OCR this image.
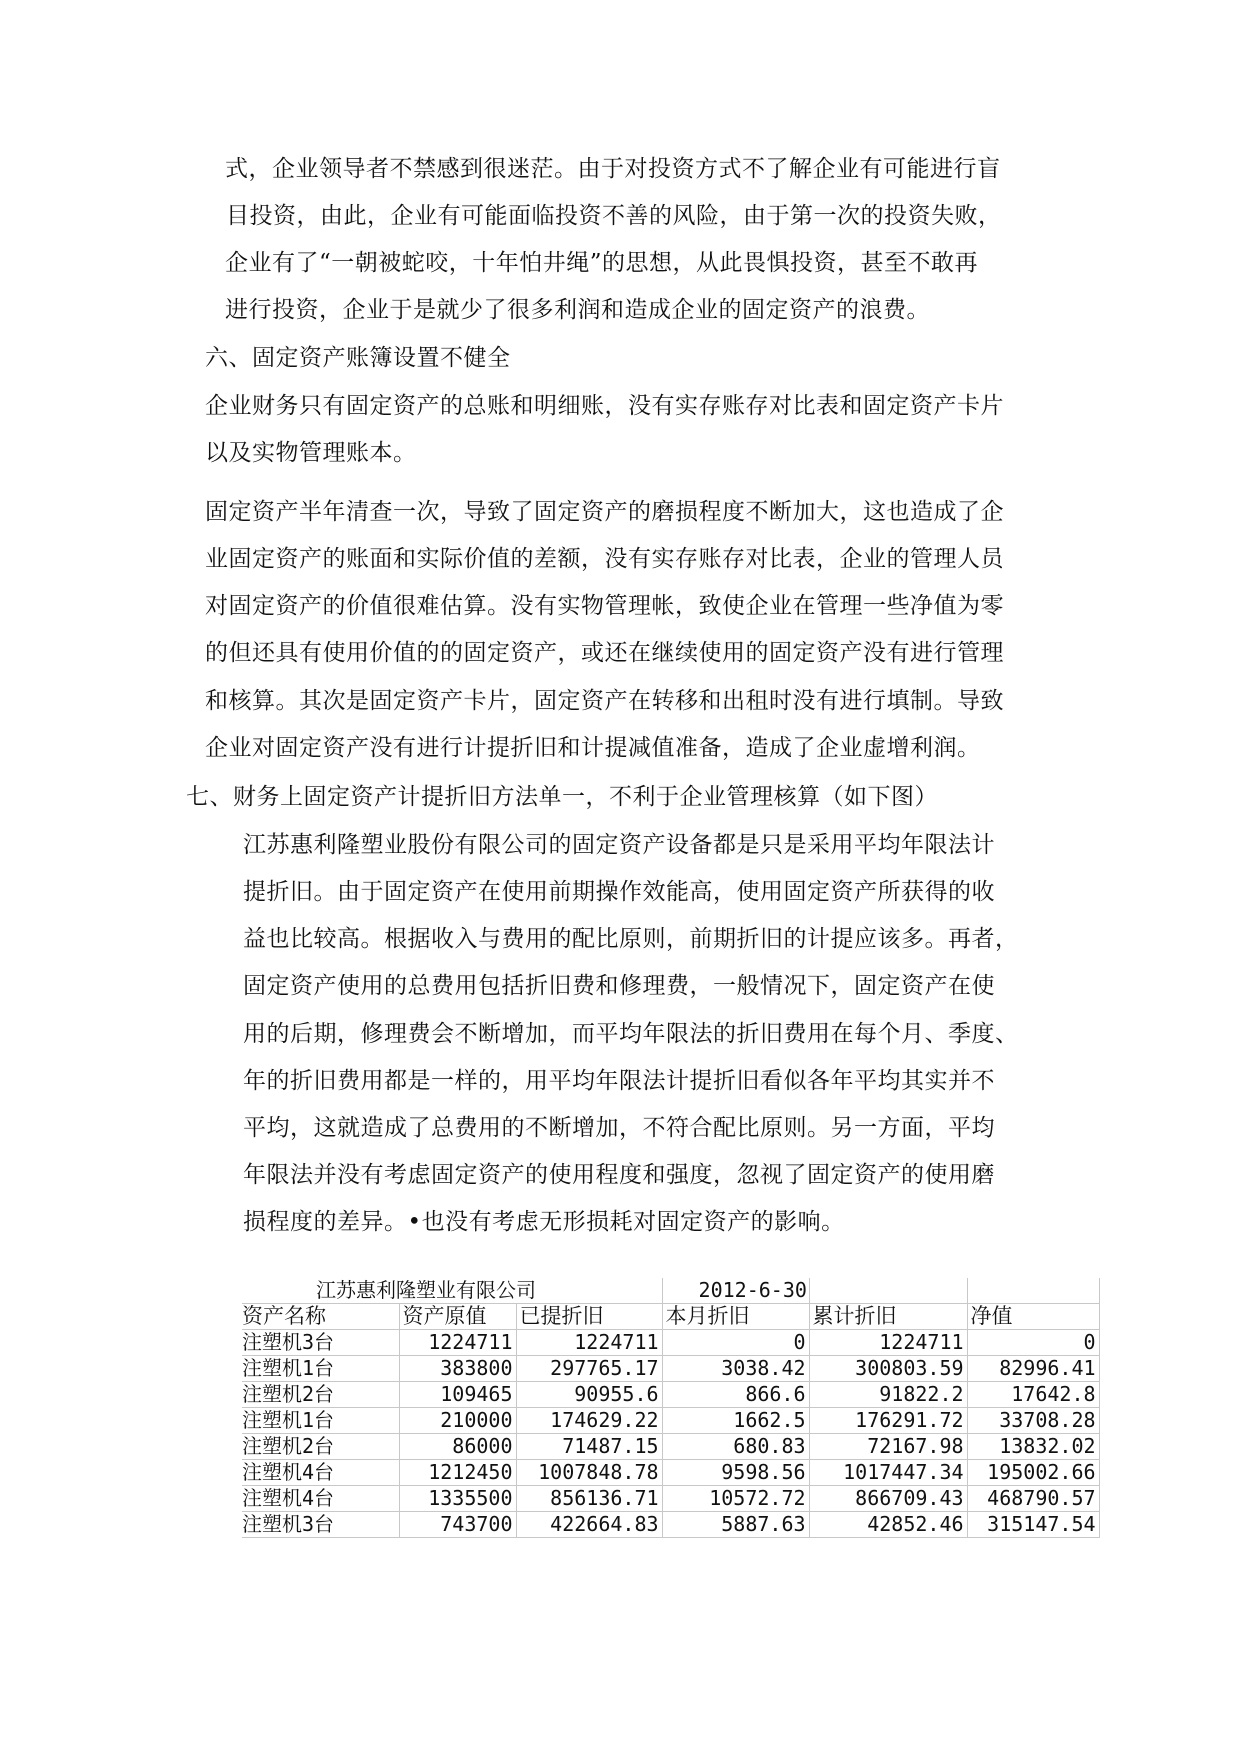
式，企业领导者不禁感到很迷茫。由于对投资方式不了解企业有可能进行盲
目投资，由此，企业有可能面临投资不善的风险，由于第一次的投资失败，
企业有了“一朝被蛇咬，十年怕井绳”的思想，从此畏惧投资，甚至不敢再
进行投资，企业于是就少了很多利润和造成企业的固定资产的浪费。
六、固定资产账簿设置不健全
企业财务只有固定资产的总账和明细账，没有实存账存对比表和固定资产卡片
以及实物管理账本。
固定资产半年清查一次，导致了固定资产的磨损程度不断加大，这也造成了企
业固定资产的账面和实际价值的差额，没有实存账存对比表，企业的管理人员
对固定资产的价值很难估算。没有实物管理帐，致使企业在管理一些净值为零
的但还具有使用价值的的固定资产，或还在继续使用的固定资产没有进行管理
和核算。其次是固定资产卡片，固定资产在转移和出租时没有进行填制。导致
企业对固定资产没有进行计提折旧和计提减值准备，造成了企业虚增利润。
七、财务上固定资产计提折旧方法单一，不利于企业管理核算（如下图）
江苏惠利隆塑业股份有限公司的固定资产设备都是只是采用平均年限法计
提折旧。由于固定资产在使用前期操作效能高，使用固定资产所获得的收
益也比较高。根据收入与费用的配比原则，前期折旧的计提应该多。再者，
固定资产使用的总费用包括折旧费和修理费，一般情况下，固定资产在使
用的后期，修理费会不断增加，而平均年限法的折旧费用在每个月、季度、
年的折旧费用都是一样的，用平均年限法计提折旧看似各年平均其实并不
平均，这就造成了总费用的不断增加，不符合配比原则。另一方面，平均
年限法并没有考虑固定资产的使用程度和强度，忽视了固定资产的使用磨
损程度的差异。•也没有考虑无形损耗对固定资产的影响。
江苏惠利隆塑业有限公司			2012-6-30		
资产名称	资产原值	已提折旧	本月折旧	累计折旧	净值
注塑机3台	1224711	1224711	0	1224711	0
注塑机1台	383800	297765.17	3038.42	300803.59	82996.41
注塑机2台	109465	90955.6	866.6	91822.2	17642.8
注塑机1台	210000	174629.22	1662.5	176291.72	33708.28
注塑机2台	86000	71487.15	680.83	72167.98	13832.02
注塑机4台	1212450	1007848.78	9598.56	1017447.34	195002.66
注塑机4台	1335500	856136.71	10572.72	866709.43	468790.57
注塑机3台	743700	422664.83	5887.63	42852.46	315147.54
